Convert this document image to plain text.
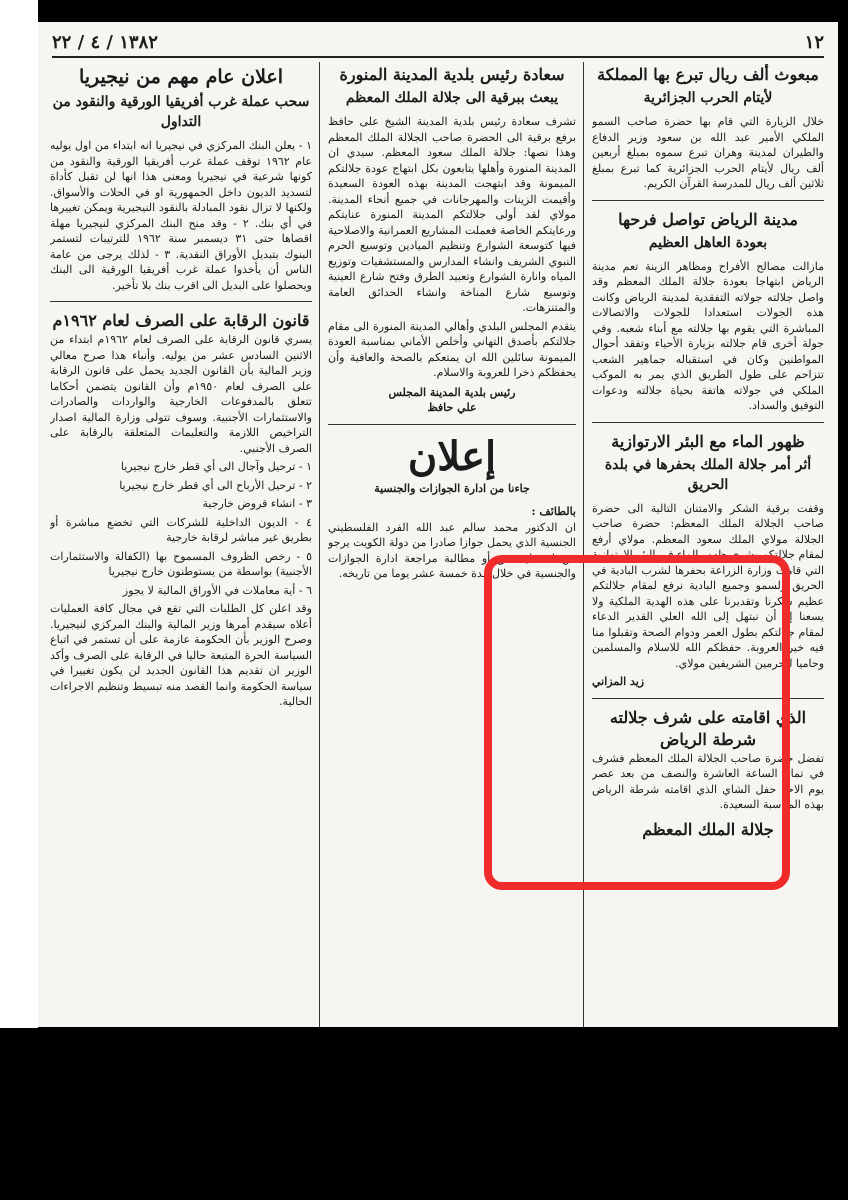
١٣٨٢ / ٤ / ٢٢	١٢
مبعوث ألف ريال تبرع بها المملكة
لأيتام الحرب الجزائرية

خلال الزيارة التي قام بها حضرة صاحب السمو الملكي الأمير عبد الله بن سعود وزير الدفاع والطيران لمدينة وهران تبرع سموه بمبلغ أربعين ألف ريال لأيتام الحرب الجزائرية كما تبرع بمبلغ ثلاثين ألف ريال للمدرسة القرآن الكريم.

مدينة الرياض تواصل فرحها
بعودة العاهل العظيم

مازالت مصالح الأفراح ومظاهر الزينة تعم مدينة الرياض ابتهاجا بعودة جلالة الملك المعظم وقد واصل جلالته جولاته التفقدية لمدينة الرياض وكانت هذه الجولات استعدادا للجولات والاتصالات المباشرة التي يقوم بها جلالته مع أبناء شعبه. وفي جولة أخرى قام جلالته بزيارة الأحياء وتفقد أحوال المواطنين وكان في استقباله جماهير الشعب تتزاحم على طول الطريق الذي يمر به الموكب الملكي في جولاته هاتفة بحياة جلالته ودعوات التوفيق والسداد.

ظهور الماء مع البئر الارتوازية
أثر أمر جلالة الملك بحفرها في بلدة الحريق

وقفت برقية الشكر والامتنان التالية الى حضرة صاحب الجلالة الملك المعظم: حضرة صاحب الجلالة مولاي الملك سعود المعظم. مولاي أرفع لمقام جلالتكم بشرى ظهور الماء في البئر الارتوازية التي قامت وزارة الزراعة بحفرها لشرب البادية في الحريق ولسمو وجميع البادية نرفع لمقام جلالتكم عظيم شكرنا وتقديرنا على هذه الهدية الملكية ولا يسعنا إلا أن نبتهل إلى الله العلي القدير الدعاء لمقام جلالتكم بطول العمر ودوام الصحة وتقبلوا منا فيه خير العروبة. حفظكم الله للاسلام والمسلمين وحاميا للحرمين الشريفين مولاي.

زيد المزاني
الذي اقامته على شرف جلالته شرطة الرياض

تفضل حضرة صاحب الجلالة الملك المعظم فشرف في تمام الساعة العاشرة والنصف من بعد عصر يوم الاحد حفل الشاي الذي اقامته شرطة الرياض بهذه المناسبة السعيدة.

جلالة الملك المعظم
سعادة رئيس بلدية المدينة المنورة
يبعث ببرقية الى جلالة الملك المعظم

تشرف سعادة رئيس بلدية المدينة الشيخ على حافظ برفع برقية الى الحضرة صاحب الجلالة الملك المعظم وهذا نصها: جلالة الملك سعود المعظم. سيدي ان المدينة المنورة وأهلها يتابعون بكل ابتهاج عودة جلالتكم الميمونة وقد ابتهجت المدينة بهذه العودة السعيدة وأقيمت الزينات والمهرجانات في جميع أنحاء المدينة. مولاي لقد أولى جلالتكم المدينة المنورة عنايتكم ورعايتكم الخاصة فعملت المشاريع العمرانية والاصلاحية فيها كتوسعة الشوارع وتنظيم الميادين وتوسيع الحرم النبوي الشريف وانشاء المدارس والمستشفيات وتوزيع المياه وانارة الشوارع وتعبيد الطرق وفتح شارع العينية وتوسيع شارع المناخة وانشاء الحدائق العامة والمتنزهات.

يتقدم المجلس البلدي وأهالي المدينة المنورة الى مقام جلالتكم بأصدق التهاني وأخلص الأماني بمناسبة العودة الميمونة سائلين الله ان يمتعكم بالصحة والعافية وأن يحفظكم ذخرا للعروبة والاسلام.

رئيس بلدية المدينة المجلس
علي حافظ
إعلان
جاءنا من ادارة الجوازات والجنسية
بالطائف :

ان الدكتور محمد سالم عبد الله الفرد الفلسطيني الجنسية الذي يحمل جوازا صادرا من دولة الكويت يرجو من له عليه حق أو مطالبة مراجعة ادارة الجوازات والجنسية في خلال مدة خمسة عشر يوما من تاريخه.

اعلان عام مهم من نيجيريا
سحب عملة غرب أفريقيا الورقية والنقود من التداول

١ - يعلن البنك المركزي في نيجيريا انه ابتداء من اول يوليه عام ١٩٦٢ توقف عملة غرب أفريقيا الورقية والنقود من كونها شرعية في نيجيريا ومعنى هذا انها لن تقبل كأداة لتسديد الديون داخل الجمهورية او في الحلات والأسواق. ولكنها لا تزال نقود المبادلة بالنقود النيجيرية ويمكن تغييرها في أي بنك. ٢ - وقد منح البنك المركزي لنيجيريا مهلة اقصاها حتى ٣١ ديسمبر سنة ١٩٦٢ للترتيبات لتستمر البنوك بتبديل الأوراق النقدية. ٣ - لذلك يرجى من عامة الناس أن يأخذوا عملة غرب أفريقيا الورقية الى البنك ويحصلوا على البديل الى اقرب بنك بلا تأخير.

قانون الرقابة على الصرف لعام ١٩٦٢م

يسري قانون الرقابة على الصرف لعام ١٩٦٢م ابتداء من الاثنين السادس عشر من يوليه. وأنباء هذا صرح معالي وزير المالية بأن القانون الجديد يحمل على قانون الرقابة على الصرف لعام ١٩٥٠م وأن القانون يتضمن أحكاما تتعلق بالمدفوعات الخارجية والواردات والصادرات والاستثمارات الأجنبية. وسوف تتولى وزارة المالية اصدار التراخيص اللازمة والتعليمات المتعلقة بالرقابة على الصرف الأجنبي.

١ - ترحيل وآجال الى أي قطر خارج نيجيريا

٢ - ترحيل الأرباح الى أي قطر خارج نيجيريا

٣ - انشاء قروض خارجية

٤ - الديون الداخلية للشركات التي تخضع مباشرة أو بطريق غير مباشر لرقابة خارجية

٥ - رخص الظروف المسموح بها (الكفالة والاستثمارات الأجنبية) بواسطة من يستوطنون خارج نيجيريا

٦ - أية معاملات في الأوراق المالية لا يجوز

وقد اعلن كل الطلبات التي تقع في مجال كافة العمليات أعلاه سيقدم أمرها وزير المالية والبنك المركزي لنيجيريا. وصرح الوزير بأن الحكومة عازمة على أن تستمر في اتباع السياسة الحرة المتبعة حاليا في الرقابة على الصرف وأكد الوزير ان تقديم هذا القانون الجديد لن يكون تغييرا في سياسة الحكومة وانما القصد منه تبسيط وتنظيم الاجراءات الحالية.
